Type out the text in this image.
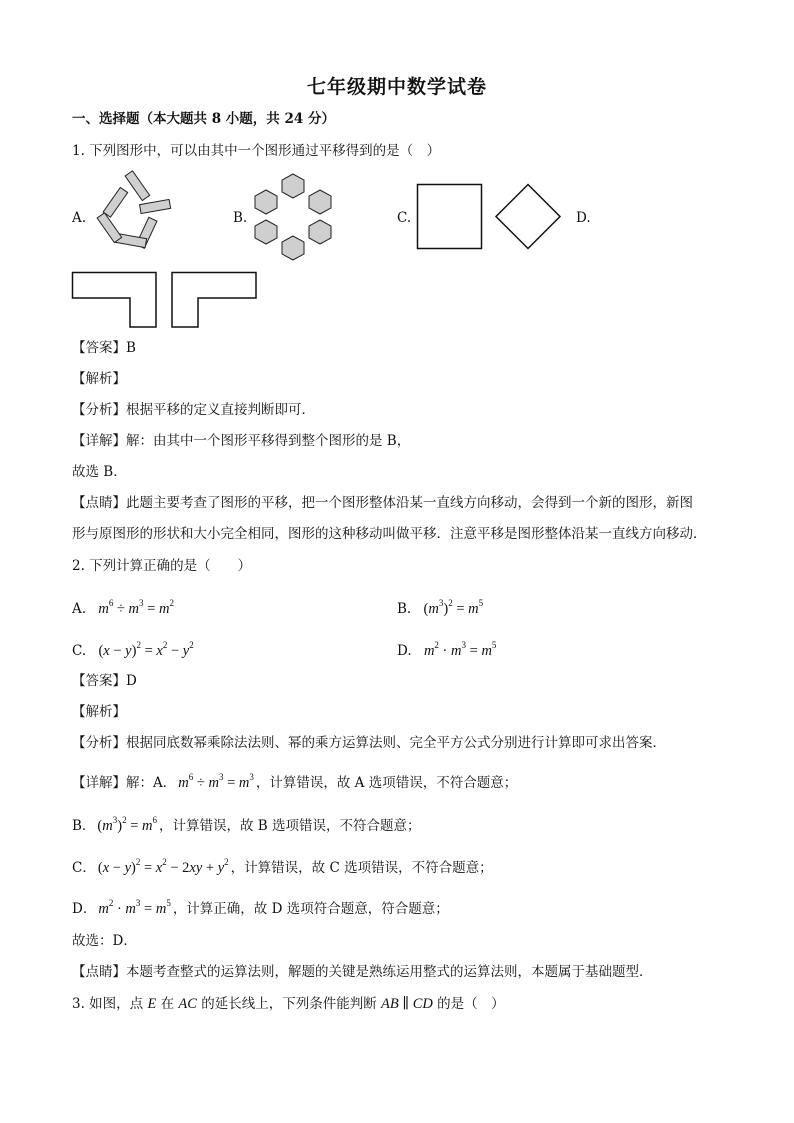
七年级期中数学试卷
一、选择题（本大题共 8 小题，共 24 分）
1. 下列图形中，可以由其中一个图形通过平移得到的是（　）
A.	B.	C.	D.
【答案】B
【解析】
【分析】根据平移的定义直接判断即可．
【详解】解：由其中一个图形平移得到整个图形的是 B，
故选 B．
【点睛】此题主要考查了图形的平移，把一个图形整体沿某一直线方向移动，会得到一个新的图形，新图
形与原图形的形状和大小完全相同，图形的这种移动叫做平移．注意平移是图形整体沿某一直线方向移动．
2. 下列计算正确的是（　　）
A. $m^6 \div m^3 = m^2$	B. $(m^3)^2 = m^5$
C. $(x - y)^2 = x^2 - y^2$	D. $m^2 \cdot m^3 = m^5$
【答案】D
【解析】
【分析】根据同底数幂乘除法法则、幂的乘方运算法则、完全平方公式分别进行计算即可求出答案．
【详解】解：A． $m^6 \div m^3 = m^3$ ，计算错误，故 A 选项错误，不符合题意；
B． $(m^3)^2 = m^6$ ，计算错误，故 B 选项错误，不符合题意；
C． $(x - y)^2 = x^2 - 2xy + y^2$ ，计算错误，故 C 选项错误，不符合题意；
D． $m^2 \cdot m^3 = m^5$ ，计算正确，故 D 选项符合题意，符合题意；
故选：D．
【点睛】本题考查整式的运算法则，解题的关键是熟练运用整式的运算法则，本题属于基础题型．
3. 如图，点 E 在 AC 的延长线上，下列条件能判断 AB ∥ CD 的是（　）
